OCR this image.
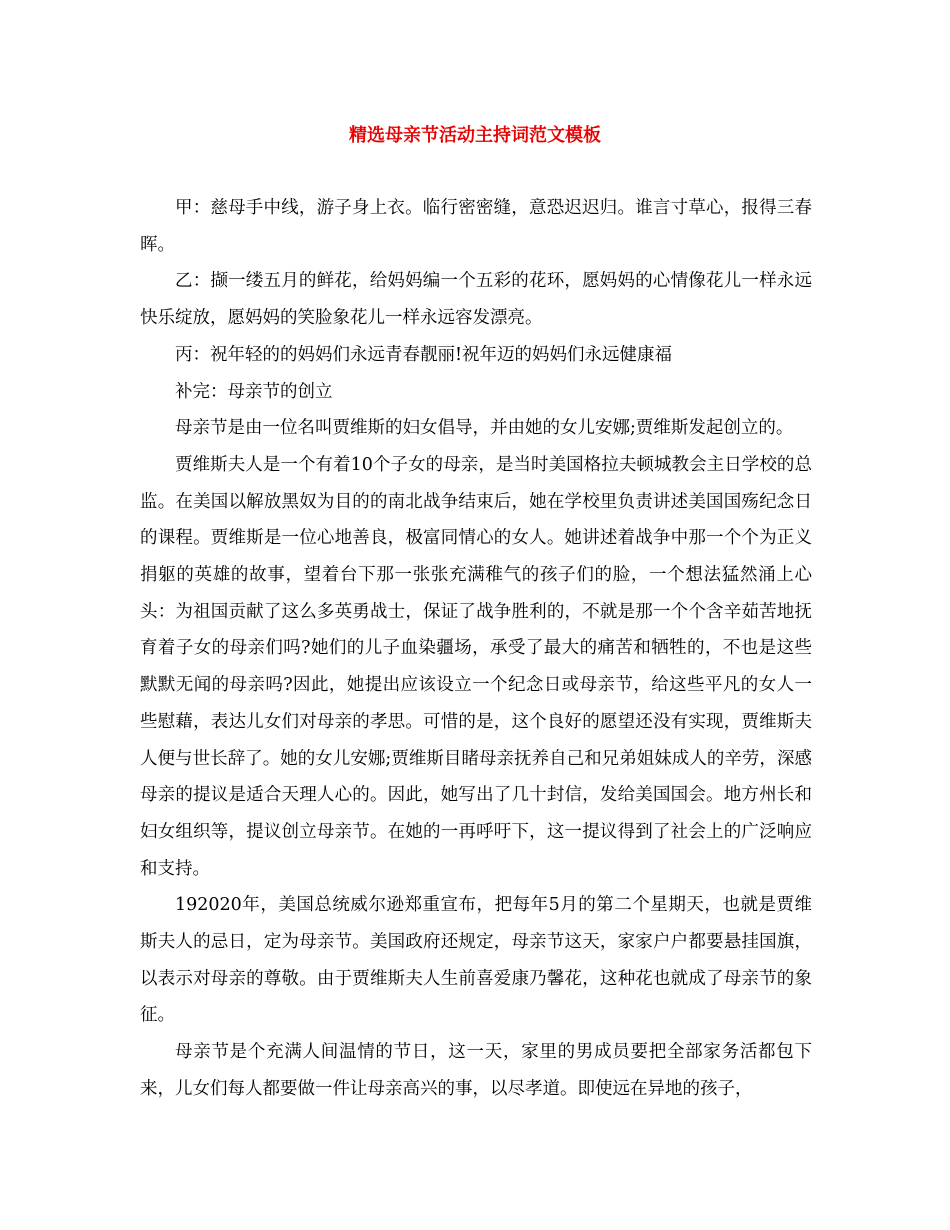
精选母亲节活动主持词范文模板

甲：慈母手中线，游子身上衣。临行密密缝，意恐迟迟归。谁言寸草心，报得三春晖。

乙：撷一缕五月的鲜花，给妈妈编一个五彩的花环，愿妈妈的心情像花儿一样永远快乐绽放，愿妈妈的笑脸象花儿一样永远容发漂亮。

丙：祝年轻的的妈妈们永远青春靓丽!祝年迈的妈妈们永远健康福

补完：母亲节的创立

母亲节是由一位名叫贾维斯的妇女倡导，并由她的女儿安娜;贾维斯发起创立的。

贾维斯夫人是一个有着10个子女的母亲，是当时美国格拉夫顿城教会主日学校的总监。在美国以解放黑奴为目的的南北战争结束后，她在学校里负责讲述美国国殇纪念日的课程。贾维斯是一位心地善良，极富同情心的女人。她讲述着战争中那一个个为正义捐躯的英雄的故事，望着台下那一张张充满稚气的孩子们的脸，一个想法猛然涌上心头：为祖国贡献了这么多英勇战士，保证了战争胜利的，不就是那一个个含辛茹苦地抚育着子女的母亲们吗?她们的儿子血染疆场，承受了最大的痛苦和牺牲的，不也是这些默默无闻的母亲吗?因此，她提出应该设立一个纪念日或母亲节，给这些平凡的女人一些慰藉，表达儿女们对母亲的孝思。可惜的是，这个良好的愿望还没有实现，贾维斯夫人便与世长辞了。她的女儿安娜;贾维斯目睹母亲抚养自己和兄弟姐妹成人的辛劳，深感母亲的提议是适合天理人心的。因此，她写出了几十封信，发给美国国会。地方州长和妇女组织等，提议创立母亲节。在她的一再呼吁下，这一提议得到了社会上的广泛响应和支持。

192020年，美国总统威尔逊郑重宣布，把每年5月的第二个星期天，也就是贾维斯夫人的忌日，定为母亲节。美国政府还规定，母亲节这天，家家户户都要悬挂国旗，以表示对母亲的尊敬。由于贾维斯夫人生前喜爱康乃馨花，这种花也就成了母亲节的象征。

母亲节是个充满人间温情的节日，这一天，家里的男成员要把全部家务活都包下来，儿女们每人都要做一件让母亲高兴的事，以尽孝道。即使远在异地的孩子，
